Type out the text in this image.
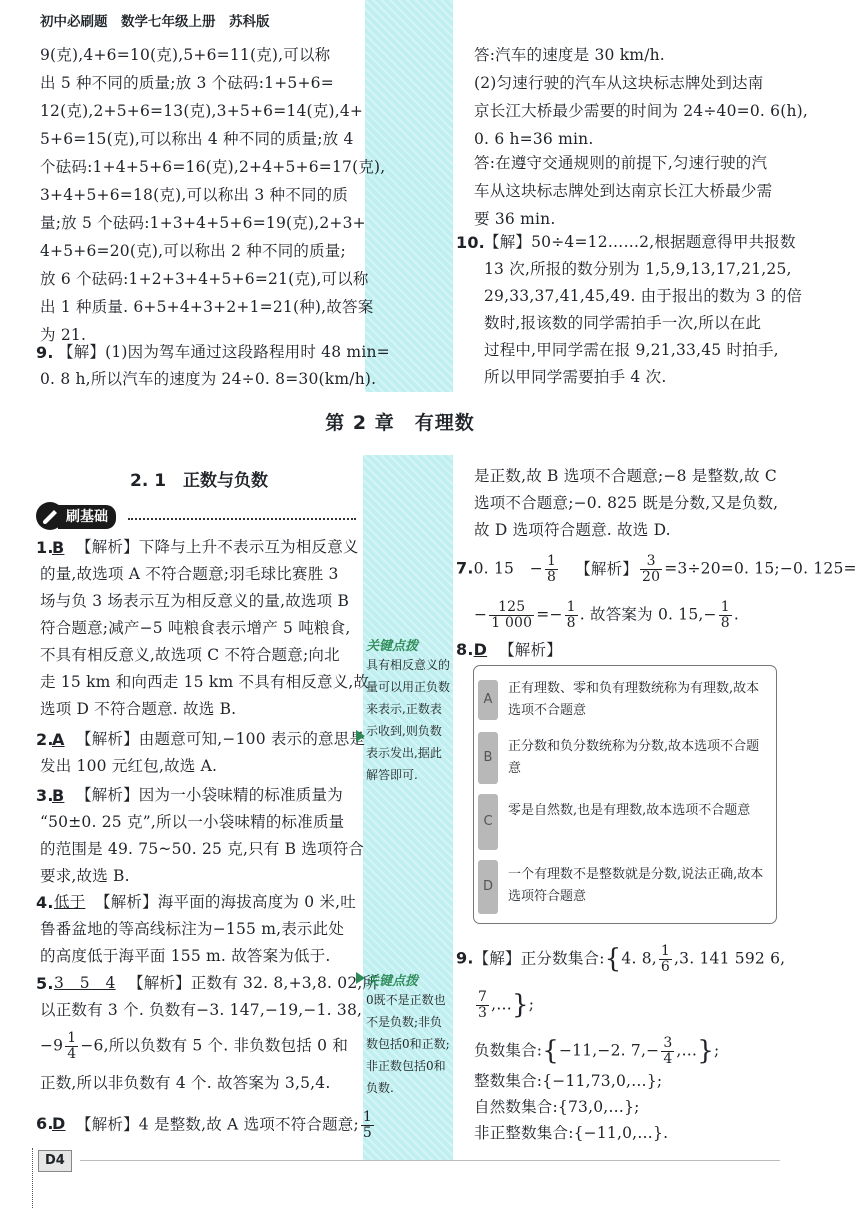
初中必刷题　数学七年级上册　苏科版
9(克),4+6=10(克),5+6=11(克),可以称
出 5 种不同的质量;放 3 个砝码:1+5+6=
12(克),2+5+6=13(克),3+5+6=14(克),4+
5+6=15(克),可以称出 4 种不同的质量;放 4
个砝码:1+4+5+6=16(克),2+4+5+6=17(克),
3+4+5+6=18(克),可以称出 3 种不同的质
量;放 5 个砝码:1+3+4+5+6=19(克),2+3+
4+5+6=20(克),可以称出 2 种不同的质量;
放 6 个砝码:1+2+3+4+5+6=21(克),可以称
出 1 种质量. 6+5+4+3+2+1=21(种),故答案
为 21.
9. 【解】(1)因为驾车通过这段路程用时 48 min=
0. 8 h,所以汽车的速度为 24÷0. 8=30(km/h).
答:汽车的速度是 30 km/h.
(2)匀速行驶的汽车从这块标志牌处到达南
京长江大桥最少需要的时间为 24÷40=0. 6(h),
0. 6 h=36 min.
答:在遵守交通规则的前提下,匀速行驶的汽
车从这块标志牌处到达南京长江大桥最少需
要 36 min.
10. 【解】50÷4=12……2,根据题意得甲共报数
13 次,所报的数分别为 1,5,9,13,17,21,25,
29,33,37,41,45,49. 由于报出的数为 3 的倍
数时,报该数的同学需拍手一次,所以在此
过程中,甲同学需在报 9,21,33,45 时拍手,
所以甲同学需要拍手 4 次.
第 2 章　有理数
2. 1　正数与负数
刷基础
1.
B 【解析】下降与上升不表示互为相反意义
的量,故选项 A 不符合题意;羽毛球比赛胜 3
场与负 3 场表示互为相反意义的量,故选项 B
符合题意;减产−5 吨粮食表示增产 5 吨粮食,
不具有相反意义,故选项 C 不符合题意;向北
走 15 km 和向西走 15 km 不具有相反意义,故
选项 D 不符合题意. 故选 B.
2.
A 【解析】由题意可知,−100 表示的意思是
发出 100 元红包,故选 A.
3.
B 【解析】因为一小袋味精的标准质量为
“50±0. 25 克”,所以一小袋味精的标准质量
的范围是 49. 75~50. 25 克,只有 B 选项符合
要求,故选 B.
4. 低于 【解析】海平面的海拔高度为 0 米,吐
鲁番盆地的等高线标注为−155 m,表示此处
的高度低于海平面 155 m. 故答案为低于.
5. 3　5　4 【解析】正数有 32. 8,+3,8. 02,所
以正数有 3 个. 负数有−3. 147,−19,−1. 38,
$-9 \frac{1}{4} -6$,所以负数有 5 个. 非负数包括 0 和
正数,所以非负数有 4 个. 故答案为 3,5,4.
6.
D 【解析】4 是整数,故 A 选项不符合题意; $\frac{1}{5}$
关键点拨
具有相反意义的量可以用正负数来表示,正数表示收到,则负数表示发出,据此解答即可.
关键点拨
0既不是正数也不是负数;非负数包括0和正数;非正数包括0和负数.
是正数,故 B 选项不合题意;−8 是整数,故 C
选项不合题意;−0. 825 既是分数,又是负数,
故 D 选项符合题意. 故选 D.
7.0. 15　− $\frac{1}{8}$ 【解析】 $\frac{3}{20} =3\div 20=0$. 15;−0. 125=
− $\frac{125}{1 000} =- \frac{1}{8}$ . 故答案为 0. $15,- \frac{1}{8}$ .
8.D 【解析】
A
正有理数、零和负有理数统称为有理数,故本选项不合题意
B
正分数和负分数统称为分数,故本选项不合题意
C
零是自然数,也是有理数,故本选项不合题意
D
一个有理数不是整数就是分数,说法正确,故本选项符合题意
9.【解】正分数集合:{4. 8, $\frac{1}{6} ,3$. 141 592 6,
$\frac{7}{3}$ ,…};
负数集合:{−11,−2. $7,- \frac{3}{4}$ ,…};
整数集合:{−11,73,0,…};
自然数集合:{73,0,…};
非正整数集合:{−11,0,…}.
D4
